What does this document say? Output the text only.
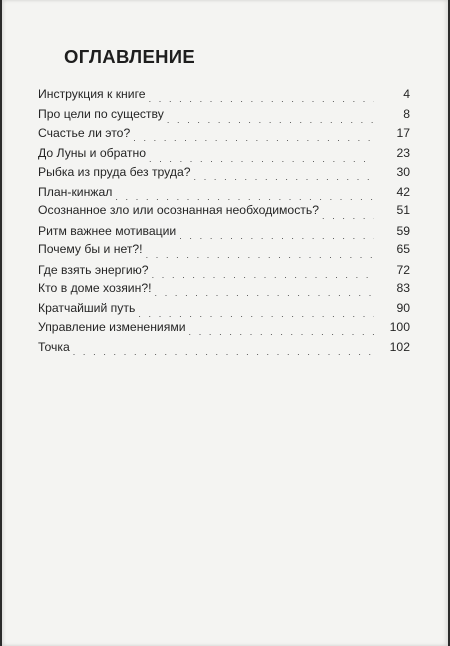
ОГЛАВЛЕНИЕ
Инструкция к книге . . .	4
Про цели по существу . . .	8
Счастье ли это? . . .	17
До Луны и обратно . . .	23
Рыбка из пруда без труда? . . .	30
План-кинжал . . .	42
Осознанное зло или осознанная необходимость? . . .	51
Ритм важнее мотивации . . .	59
Почему бы и нет?! . . .	65
Где взять энергию? . . .	72
Кто в доме хозяин?! . . .	83
Кратчайший путь . . .	90
Управление изменениями . . .	100
Точка . . .	102
